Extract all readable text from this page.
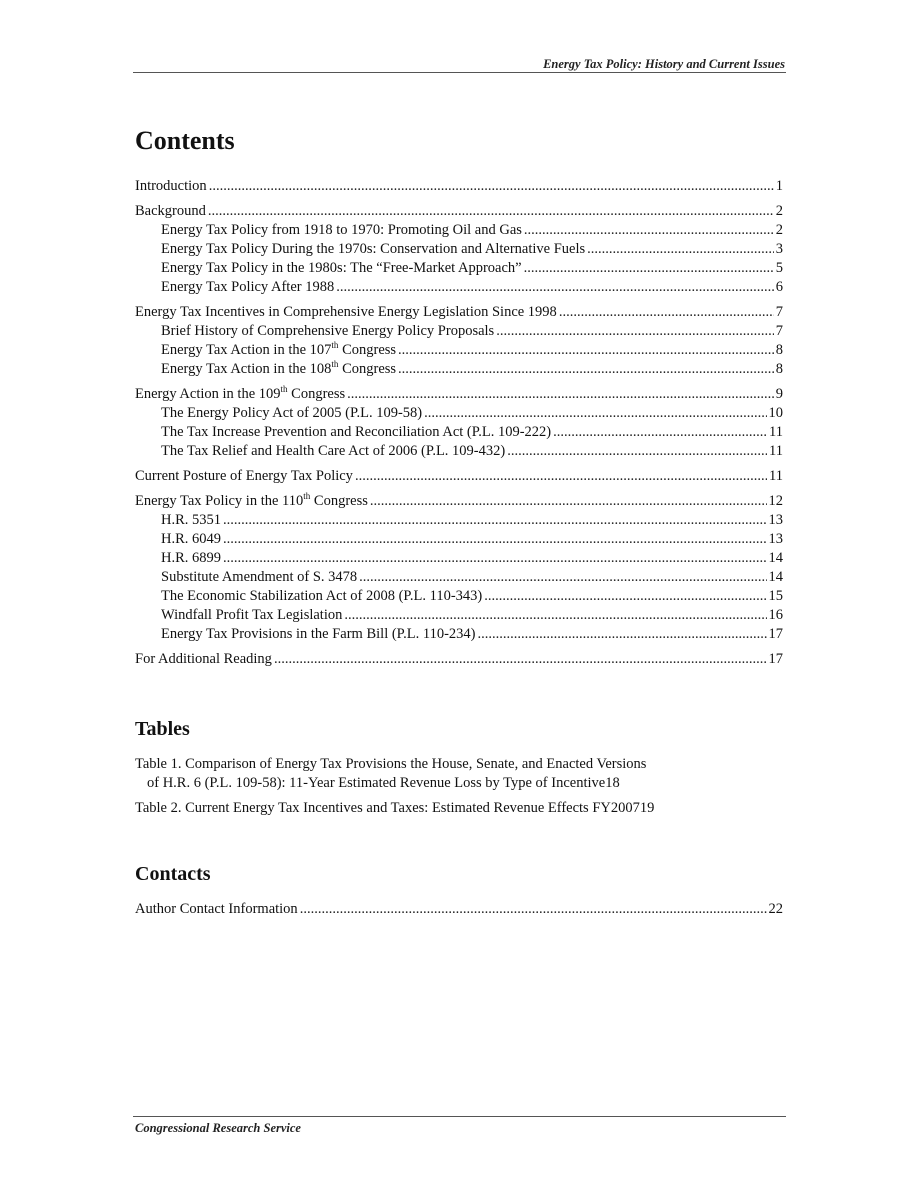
Energy Tax Policy: History and Current Issues
Contents
Introduction .....	1
Background .....	2
Energy Tax Policy from 1918 to 1970: Promoting Oil and Gas .....	2
Energy Tax Policy During the 1970s: Conservation and Alternative Fuels .....	3
Energy Tax Policy in the 1980s: The “Free-Market Approach” .....	5
Energy Tax Policy After 1988 .....	6
Energy Tax Incentives in Comprehensive Energy Legislation Since 1998 .....	7
Brief History of Comprehensive Energy Policy Proposals .....	7
Energy Tax Action in the 107th Congress .....	8
Energy Tax Action in the 108th Congress .....	8
Energy Action in the 109th Congress .....	9
The Energy Policy Act of 2005 (P.L. 109-58) .....	10
The Tax Increase Prevention and Reconciliation Act (P.L. 109-222) .....	11
The Tax Relief and Health Care Act of 2006 (P.L. 109-432) .....	11
Current Posture of Energy Tax Policy .....	11
Energy Tax Policy in the 110th Congress .....	12
H.R. 5351 .....	13
H.R. 6049 .....	13
H.R. 6899 .....	14
Substitute Amendment of S. 3478 .....	14
The Economic Stabilization Act of 2008 (P.L. 110-343) .....	15
Windfall Profit Tax Legislation .....	16
Energy Tax Provisions in the Farm Bill (P.L. 110-234) .....	17
For Additional Reading .....	17
Tables
Table 1. Comparison of Energy Tax Provisions the House, Senate, and Enacted Versions
of H.R. 6 (P.L. 109-58): 11-Year Estimated Revenue Loss by Type of Incentive 18
Table 2. Current Energy Tax Incentives and Taxes: Estimated Revenue Effects FY2007 19
Contacts
Author Contact Information .....	22
Congressional Research Service
